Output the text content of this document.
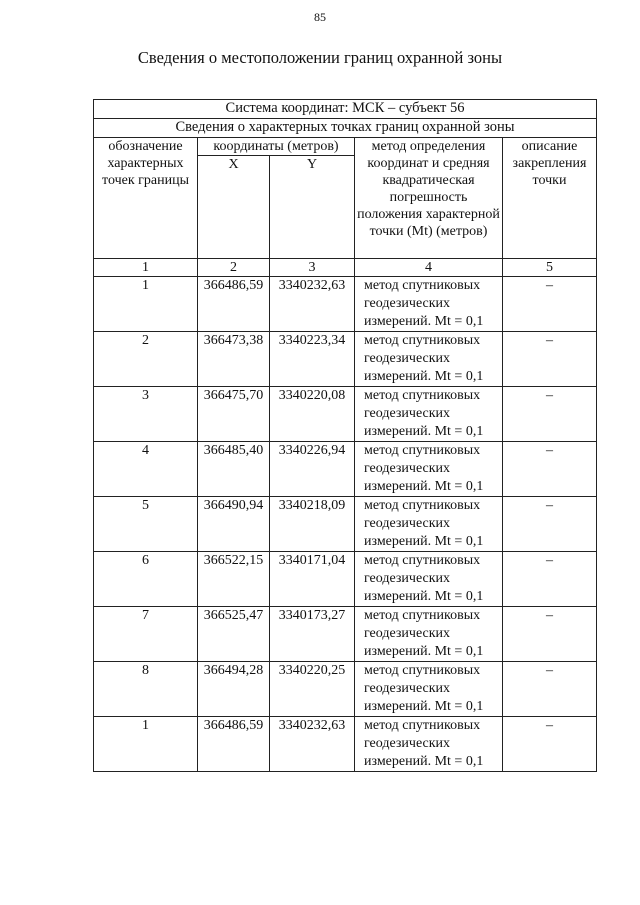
85
Сведения о местоположении границ охранной зоны
Система координат: МСК – субъект 56				
Сведения о характерных точках границ охранной зоны				
обозначение характерных точек границы	координаты (метров)		метод определения координат и средняя квадратическая погрешность положения характерной точки (Mt) (метров)	описание закрепления точки
	X	Y		
1	2	3	4	5
1	366486,59	3340232,63	метод спутниковых геодезических измерений. Mt = 0,1	–
2	366473,38	3340223,34	метод спутниковых геодезических измерений. Mt = 0,1	–
3	366475,70	3340220,08	метод спутниковых геодезических измерений. Mt = 0,1	–
4	366485,40	3340226,94	метод спутниковых геодезических измерений. Mt = 0,1	–
5	366490,94	3340218,09	метод спутниковых геодезических измерений. Mt = 0,1	–
6	366522,15	3340171,04	метод спутниковых геодезических измерений. Mt = 0,1	–
7	366525,47	3340173,27	метод спутниковых геодезических измерений. Mt = 0,1	–
8	366494,28	3340220,25	метод спутниковых геодезических измерений. Mt = 0,1	–
1	366486,59	3340232,63	метод спутниковых геодезических измерений. Mt = 0,1	–
